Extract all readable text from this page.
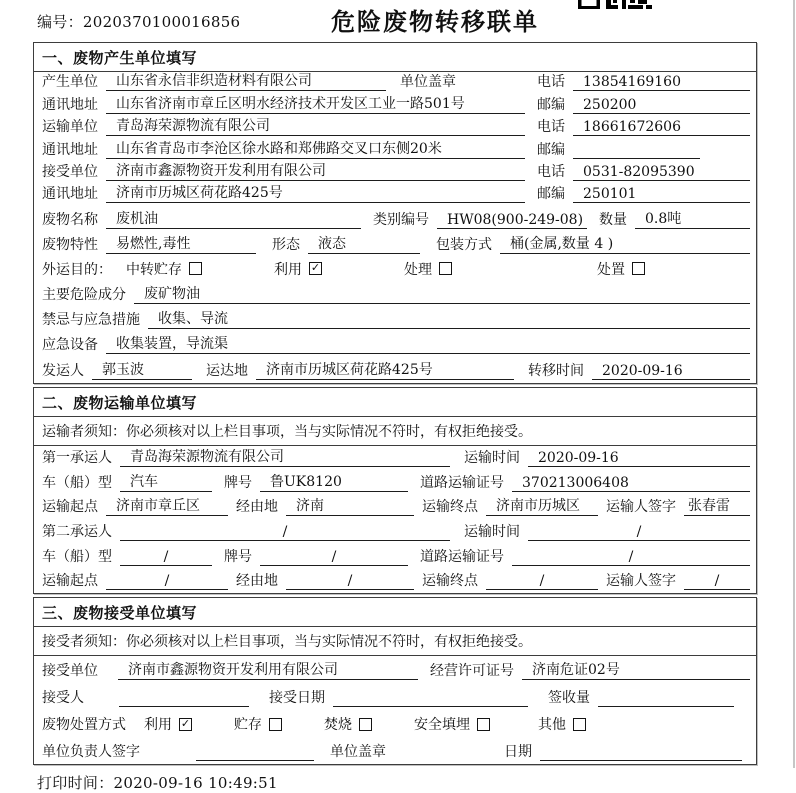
编号：2020370100016856	危险废物转移联单
一、废物产生单位填写
产生单位	山东省永信非织造材料有限公司	单位盖章	电话	13854169160
通讯地址	山东省济南市章丘区明水经济技术开发区工业一路501号	邮编	250200
运输单位	青岛海荣源物流有限公司	电话	18661672606
通讯地址	山东省青岛市李沧区徐水路和郑佛路交叉口东侧20米	邮编
接受单位	济南市鑫源物资开发利用有限公司	电话	0531-82095390
通讯地址	济南市历城区荷花路425号	邮编	250101
废物名称	废机油	类别编号	HW08(900-249-08) 数量	0.8吨
废物特性	易燃性,毒性	形态	液态	包装方式	桶(金属,数量 4 )
外运目的： 中转贮存	利用 ✓	处理	处置
主要危险成分	废矿物油
禁忌与应急措施	收集、导流
应急设备	收集装置，导流渠
发运人	郭玉波	运达地	济南市历城区荷花路425号	转移时间	2020-09-16
二、废物运输单位填写
运输者须知：你必须核对以上栏目事项，当与实际情况不符时，有权拒绝接受。
第一承运人	青岛海荣源物流有限公司	运输时间	2020-09-16
车（船）型	汽车	牌号	鲁UK8120	道路运输证号	370213006408
运输起点	济南市章丘区	经由地	济南	运输终点	济南市历城区	运输人签字 张春雷
第二承运人	/	运输时间	/
车（船）型	/	牌号	/	道路运输证号	/
运输起点	/	经由地	/	运输终点	/	运输人签字	/
三、废物接受单位填写
接受者须知：你必须核对以上栏目事项，当与实际情况不符时，有权拒绝接受。
接受单位	济南市鑫源物资开发利用有限公司	经营许可证号	济南危证02号
接受人	接受日期	签收量
废物处置方式 利用 ✓	贮存	焚烧	安全填埋	其他
单位负责人签字	单位盖章	日期
打印时间：2020-09-16 10:49:51
